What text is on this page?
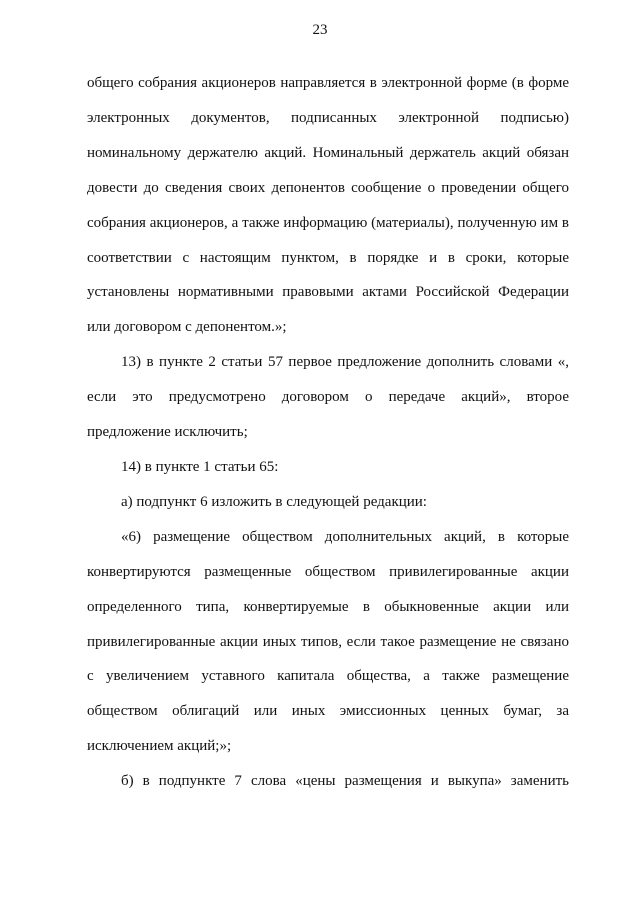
23

общего собрания акционеров направляется в электронной форме (в форме электронных документов, подписанных электронной подписью) номинальному держателю акций. Номинальный держатель акций обязан довести до сведения своих депонентов сообщение о проведении общего собрания акционеров, а также информацию (материалы), полученную им в соответствии с настоящим пунктом, в порядке и в сроки, которые установлены нормативными правовыми актами Российской Федерации или договором с депонентом.»;

13) в пункте 2 статьи 57 первое предложение дополнить словами «, если это предусмотрено договором о передаче акций», второе предложение исключить;

14) в пункте 1 статьи 65:

а) подпункт 6 изложить в следующей редакции:

«6) размещение обществом дополнительных акций, в которые конвертируются размещенные обществом привилегированные акции определенного типа, конвертируемые в обыкновенные акции или привилегированные акции иных типов, если такое размещение не связано с увеличением уставного капитала общества, а также размещение обществом облигаций или иных эмиссионных ценных бумаг, за исключением акций;»;

б) в подпункте 7 слова «цены размещения и выкупа» заменить
